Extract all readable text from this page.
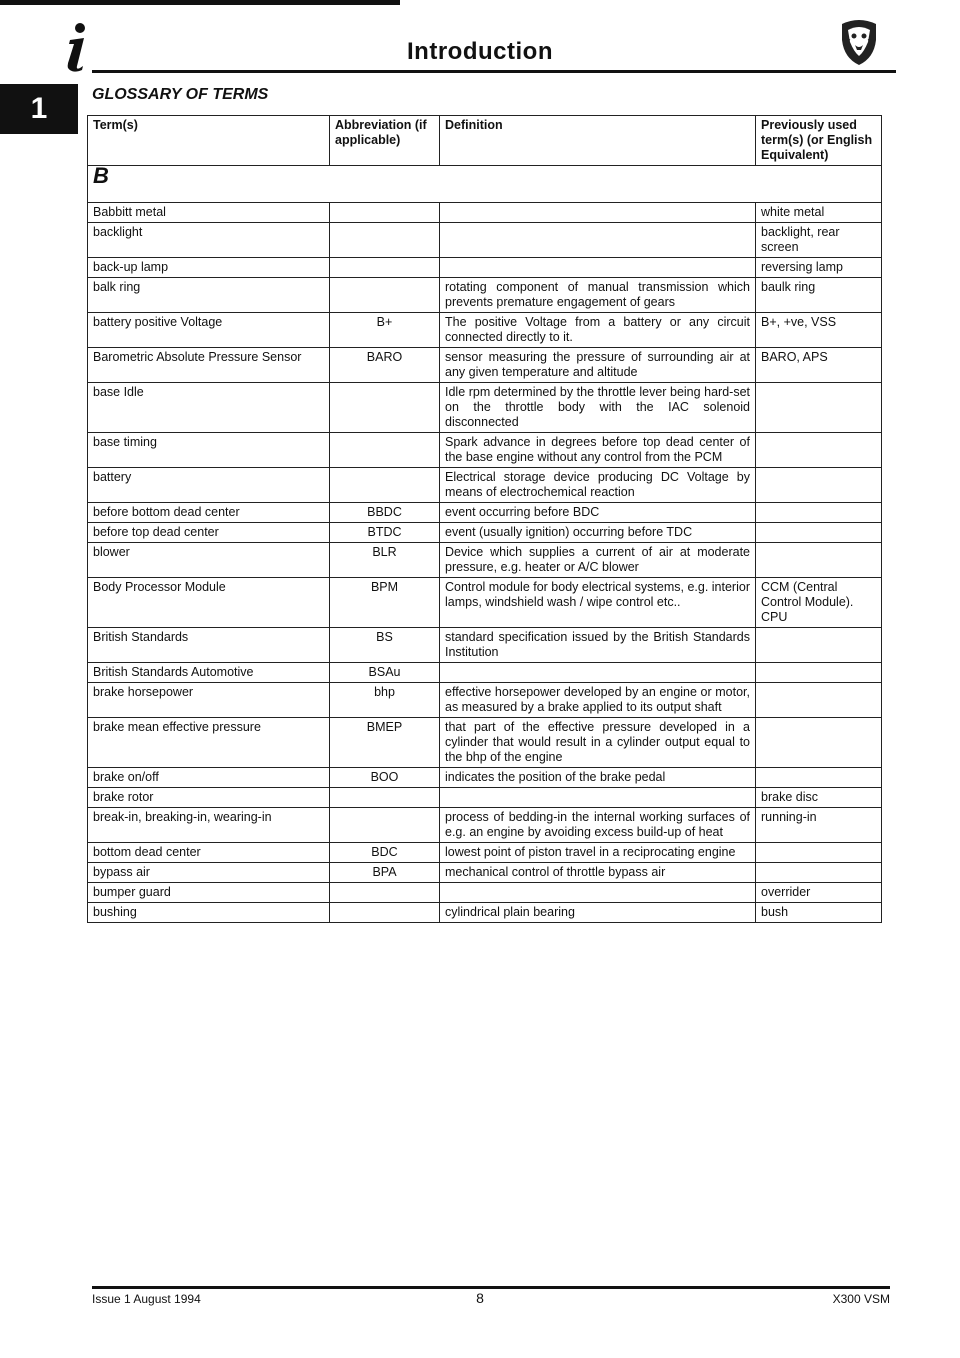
Introduction
1	GLOSSARY OF TERMS
Term(s)	Abbreviation (if applicable)	Definition	Previously used term(s) (or English Equivalent)
B			
Babbitt metal			white metal
backlight			backlight, rear screen
back-up lamp			reversing lamp
balk ring		rotating component of manual transmission which prevents premature engagement of gears	baulk ring
battery positive Voltage	B+	The positive Voltage from a battery or any circuit connected directly to it.	B+, +ve, VSS
Barometric Absolute Pressure Sensor	BARO	sensor measuring the pressure of surrounding air at any given temperature and altitude	BARO, APS
base Idle		Idle rpm determined by the throttle lever being hard-set on the throttle body with the IAC solenoid disconnected	
base timing		Spark advance in degrees before top dead center of the base engine without any control from the PCM	
battery		Electrical storage device producing DC Voltage by means of electrochemical reaction	
before bottom dead center	BBDC	event occurring before BDC	
before top dead center	BTDC	event (usually ignition) occurring before TDC	
blower	BLR	Device which supplies a current of air at moderate pressure, e.g. heater or A/C blower	
Body Processor Module	BPM	Control module for body electrical systems, e.g. interior lamps, windshield wash / wipe control etc..	CCM (Central Control Module). CPU
British Standards	BS	standard specification issued by the British Standards Institution	
British Standards Automotive	BSAu		
brake horsepower	bhp	effective horsepower developed by an engine or motor, as measured by a brake applied to its output shaft	
brake mean effective pressure	BMEP	that part of the effective pressure developed in a cylinder that would result in a cylinder output equal to the bhp of the engine	
brake on/off	BOO	indicates the position of the brake pedal	
brake rotor			brake disc
break-in, breaking-in, wearing-in		process of bedding-in the internal working surfaces of e.g. an engine by avoiding excess build-up of heat	running-in
bottom dead center	BDC	lowest point of piston travel in a reciprocating engine	
bypass air	BPA	mechanical control of throttle bypass air	
bumper guard			overrider
bushing		cylindrical plain bearing	bush
Issue 1 August 1994	8	X300 VSM
